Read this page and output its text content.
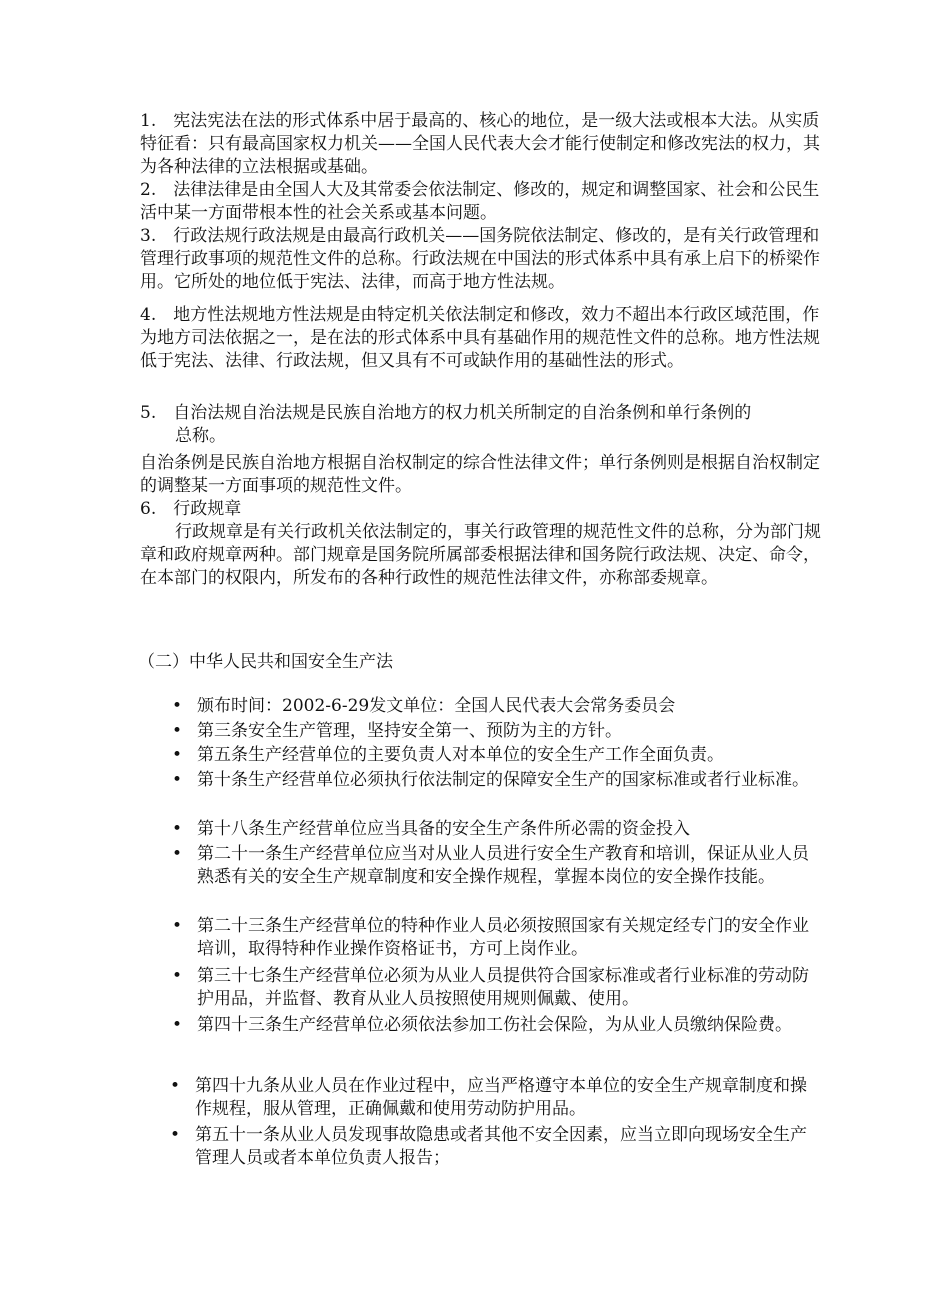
1.　宪法宪法在法的形式体系中居于最高的、核心的地位，是一级大法或根本大法。从实质特征看：只有最高国家权力机关——全国人民代表大会才能行使制定和修改宪法的权力，其为各种法律的立法根据或基础。

2.　法律法律是由全国人大及其常委会依法制定、修改的，规定和调整国家、社会和公民生活中某一方面带根本性的社会关系或基本问题。

3.　行政法规行政法规是由最高行政机关——国务院依法制定、修改的，是有关行政管理和管理行政事项的规范性文件的总称。行政法规在中国法的形式体系中具有承上启下的桥梁作用。它所处的地位低于宪法、法律，而高于地方性法规。

4.　地方性法规地方性法规是由特定机关依法制定和修改，效力不超出本行政区域范围，作为地方司法依据之一，是在法的形式体系中具有基础作用的规范性文件的总称。地方性法规低于宪法、法律、行政法规，但又具有不可或缺作用的基础性法的形式。

5.　自治法规自治法规是民族自治地方的权力机关所制定的自治条例和单行条例的

总称。

自治条例是民族自治地方根据自治权制定的综合性法律文件；单行条例则是根据自治权制定的调整某一方面事项的规范性文件。

6.　行政规章

行政规章是有关行政机关依法制定的，事关行政管理的规范性文件的总称，分为部门规章和政府规章两种。部门规章是国务院所属部委根据法律和国务院行政法规、决定、命令，在本部门的权限内，所发布的各种行政性的规范性法律文件，亦称部委规章。

（二）中华人民共和国安全生产法

• 颁布时间：2002-6-29发文单位：全国人民代表大会常务委员会

• 第三条安全生产管理，坚持安全第一、预防为主的方针。

• 第五条生产经营单位的主要负责人对本单位的安全生产工作全面负责。

• 第十条生产经营单位必须执行依法制定的保障安全生产的国家标准或者行业标准。

• 第十八条生产经营单位应当具备的安全生产条件所必需的资金投入

• 第二十一条生产经营单位应当对从业人员进行安全生产教育和培训，保证从业人员熟悉有关的安全生产规章制度和安全操作规程，掌握本岗位的安全操作技能。

• 第二十三条生产经营单位的特种作业人员必须按照国家有关规定经专门的安全作业培训，取得特种作业操作资格证书，方可上岗作业。

• 第三十七条生产经营单位必须为从业人员提供符合国家标准或者行业标准的劳动防护用品，并监督、教育从业人员按照使用规则佩戴、使用。

• 第四十三条生产经营单位必须依法参加工伤社会保险，为从业人员缴纳保险费。

• 第四十九条从业人员在作业过程中，应当严格遵守本单位的安全生产规章制度和操作规程，服从管理，正确佩戴和使用劳动防护用品。

• 第五十一条从业人员发现事故隐患或者其他不安全因素，应当立即向现场安全生产管理人员或者本单位负责人报告；
